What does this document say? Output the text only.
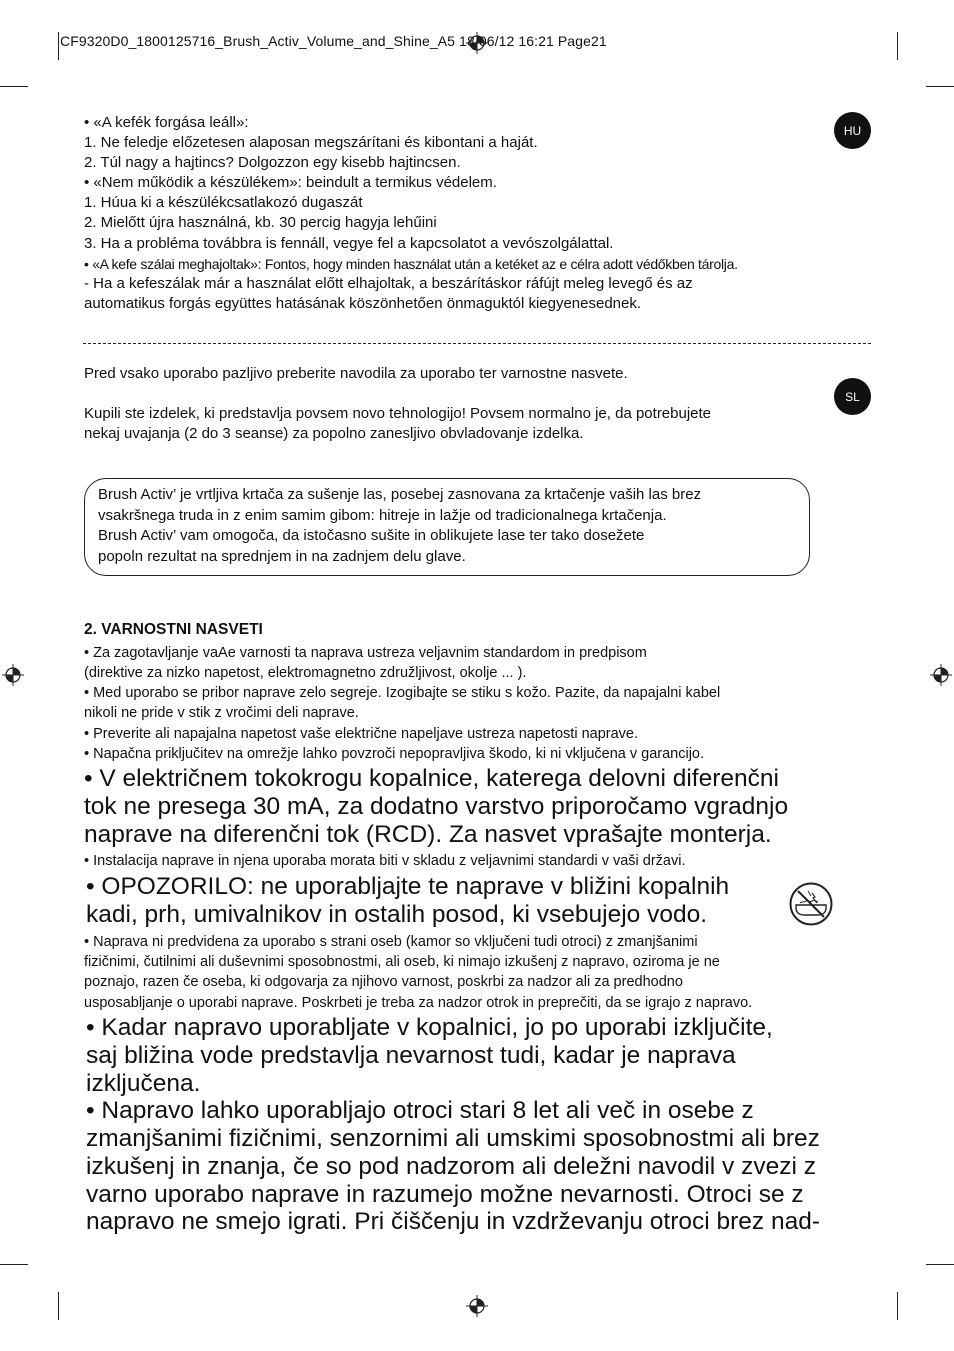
CF9320D0_1800125716_Brush_Activ_Volume_and_Shine_A5 18/06/12 16:21 Page21
HU
SL
• «A kefék forgása leáll»:
1. Ne feledje előzetesen alaposan megszárítani és kibontani a haját.
2. Túl nagy a hajtincs? Dolgozzon egy kisebb hajtincsen.
• «Nem működik a készülékem»: beindult a termikus védelem.
1. Húua ki a készülékcsatlakozó dugaszát
2. Mielőtt újra használná, kb. 30 percig hagyja lehűini
3. Ha a probléma továbbra is fennáll, vegye fel a kapcsolatot a vevószolgálattal.
• «A kefe szálai meghajoltak»: Fontos, hogy minden használat után a ketéket az e célra adott védőkben tárolja.
- Ha a kefeszálak már a használat előtt elhajoltak, a beszárításkor ráfújt meleg levegő és az
automatikus forgás együttes hatásának köszönhetően önmaguktól kiegyenesednek.
Pred vsako uporabo pazljivo preberite navodila za uporabo ter varnostne nasvete.
Kupili ste izdelek, ki predstavlja povsem novo tehnologijo! Povsem normalno je, da potrebujete
nekaj uvajanja (2 do 3 seanse) za popolno zanesljivo obvladovanje izdelka.
Brush Activ’ je vrtljiva krtača za sušenje las, posebej zasnovana za krtačenje vaših las brez
vsakršnega truda in z enim samim gibom: hitreje in lažje od tradicionalnega krtačenja.
Brush Activ’ vam omogoča, da istočasno sušite in oblikujete lase ter tako dosežete
popoln rezultat na sprednjem in na zadnjem delu glave.
2. VARNOSTNI NASVETI
• Za zagotavljanje vaAe varnosti ta naprava ustreza veljavnim standardom in predpisom
(direktive za nizko napetost, elektromagnetno združljivost, okolje ... ).
• Med uporabo se pribor naprave zelo segreje. Izogibajte se stiku s kožo. Pazite, da napajalni kabel
nikoli ne pride v stik z vročimi deli naprave.
• Preverite ali napajalna napetost vaše električne napeljave ustreza napetosti naprave.
• Napačna priključitev na omrežje lahko povzroči nepopravljiva škodo, ki ni vključena v garancijo.
• V električnem tokokrogu kopalnice, katerega delovni diferenčni
tok ne presega 30 mA, za dodatno varstvo priporočamo vgradnjo
naprave na diferenčni tok (RCD). Za nasvet vprašajte monterja.
• Instalacija naprave in njena uporaba morata biti v skladu z veljavnimi standardi v vaši državi.
• OPOZORILO: ne uporabljajte te naprave v bližini kopalnih
kadi, prh, umivalnikov in ostalih posod, ki vsebujejo vodo.
• Naprava ni predvidena za uporabo s strani oseb (kamor so vključeni tudi otroci) z zmanjšanimi
fizičnimi, čutilnimi ali duševnimi sposobnostmi, ali oseb, ki nimajo izkušenj z napravo, oziroma je ne
poznajo, razen če oseba, ki odgovarja za njihovo varnost, poskrbi za nadzor ali za predhodno
usposabljanje o uporabi naprave. Poskrbeti je treba za nadzor otrok in preprečiti, da se igrajo z napravo.
• Kadar napravo uporabljate v kopalnici, jo po uporabi izključite,
saj bližina vode predstavlja nevarnost tudi, kadar je naprava
izključena.
• Napravo lahko uporabljajo otroci stari 8 let ali več in osebe z
zmanjšanimi fizičnimi, senzornimi ali umskimi sposobnostmi ali brez
izkušenj in znanja, če so pod nadzorom ali deležni navodil v zvezi z
varno uporabo naprave in razumejo možne nevarnosti. Otroci se z
napravo ne smejo igrati. Pri čiščenju in vzdrževanju otroci brez nad-
